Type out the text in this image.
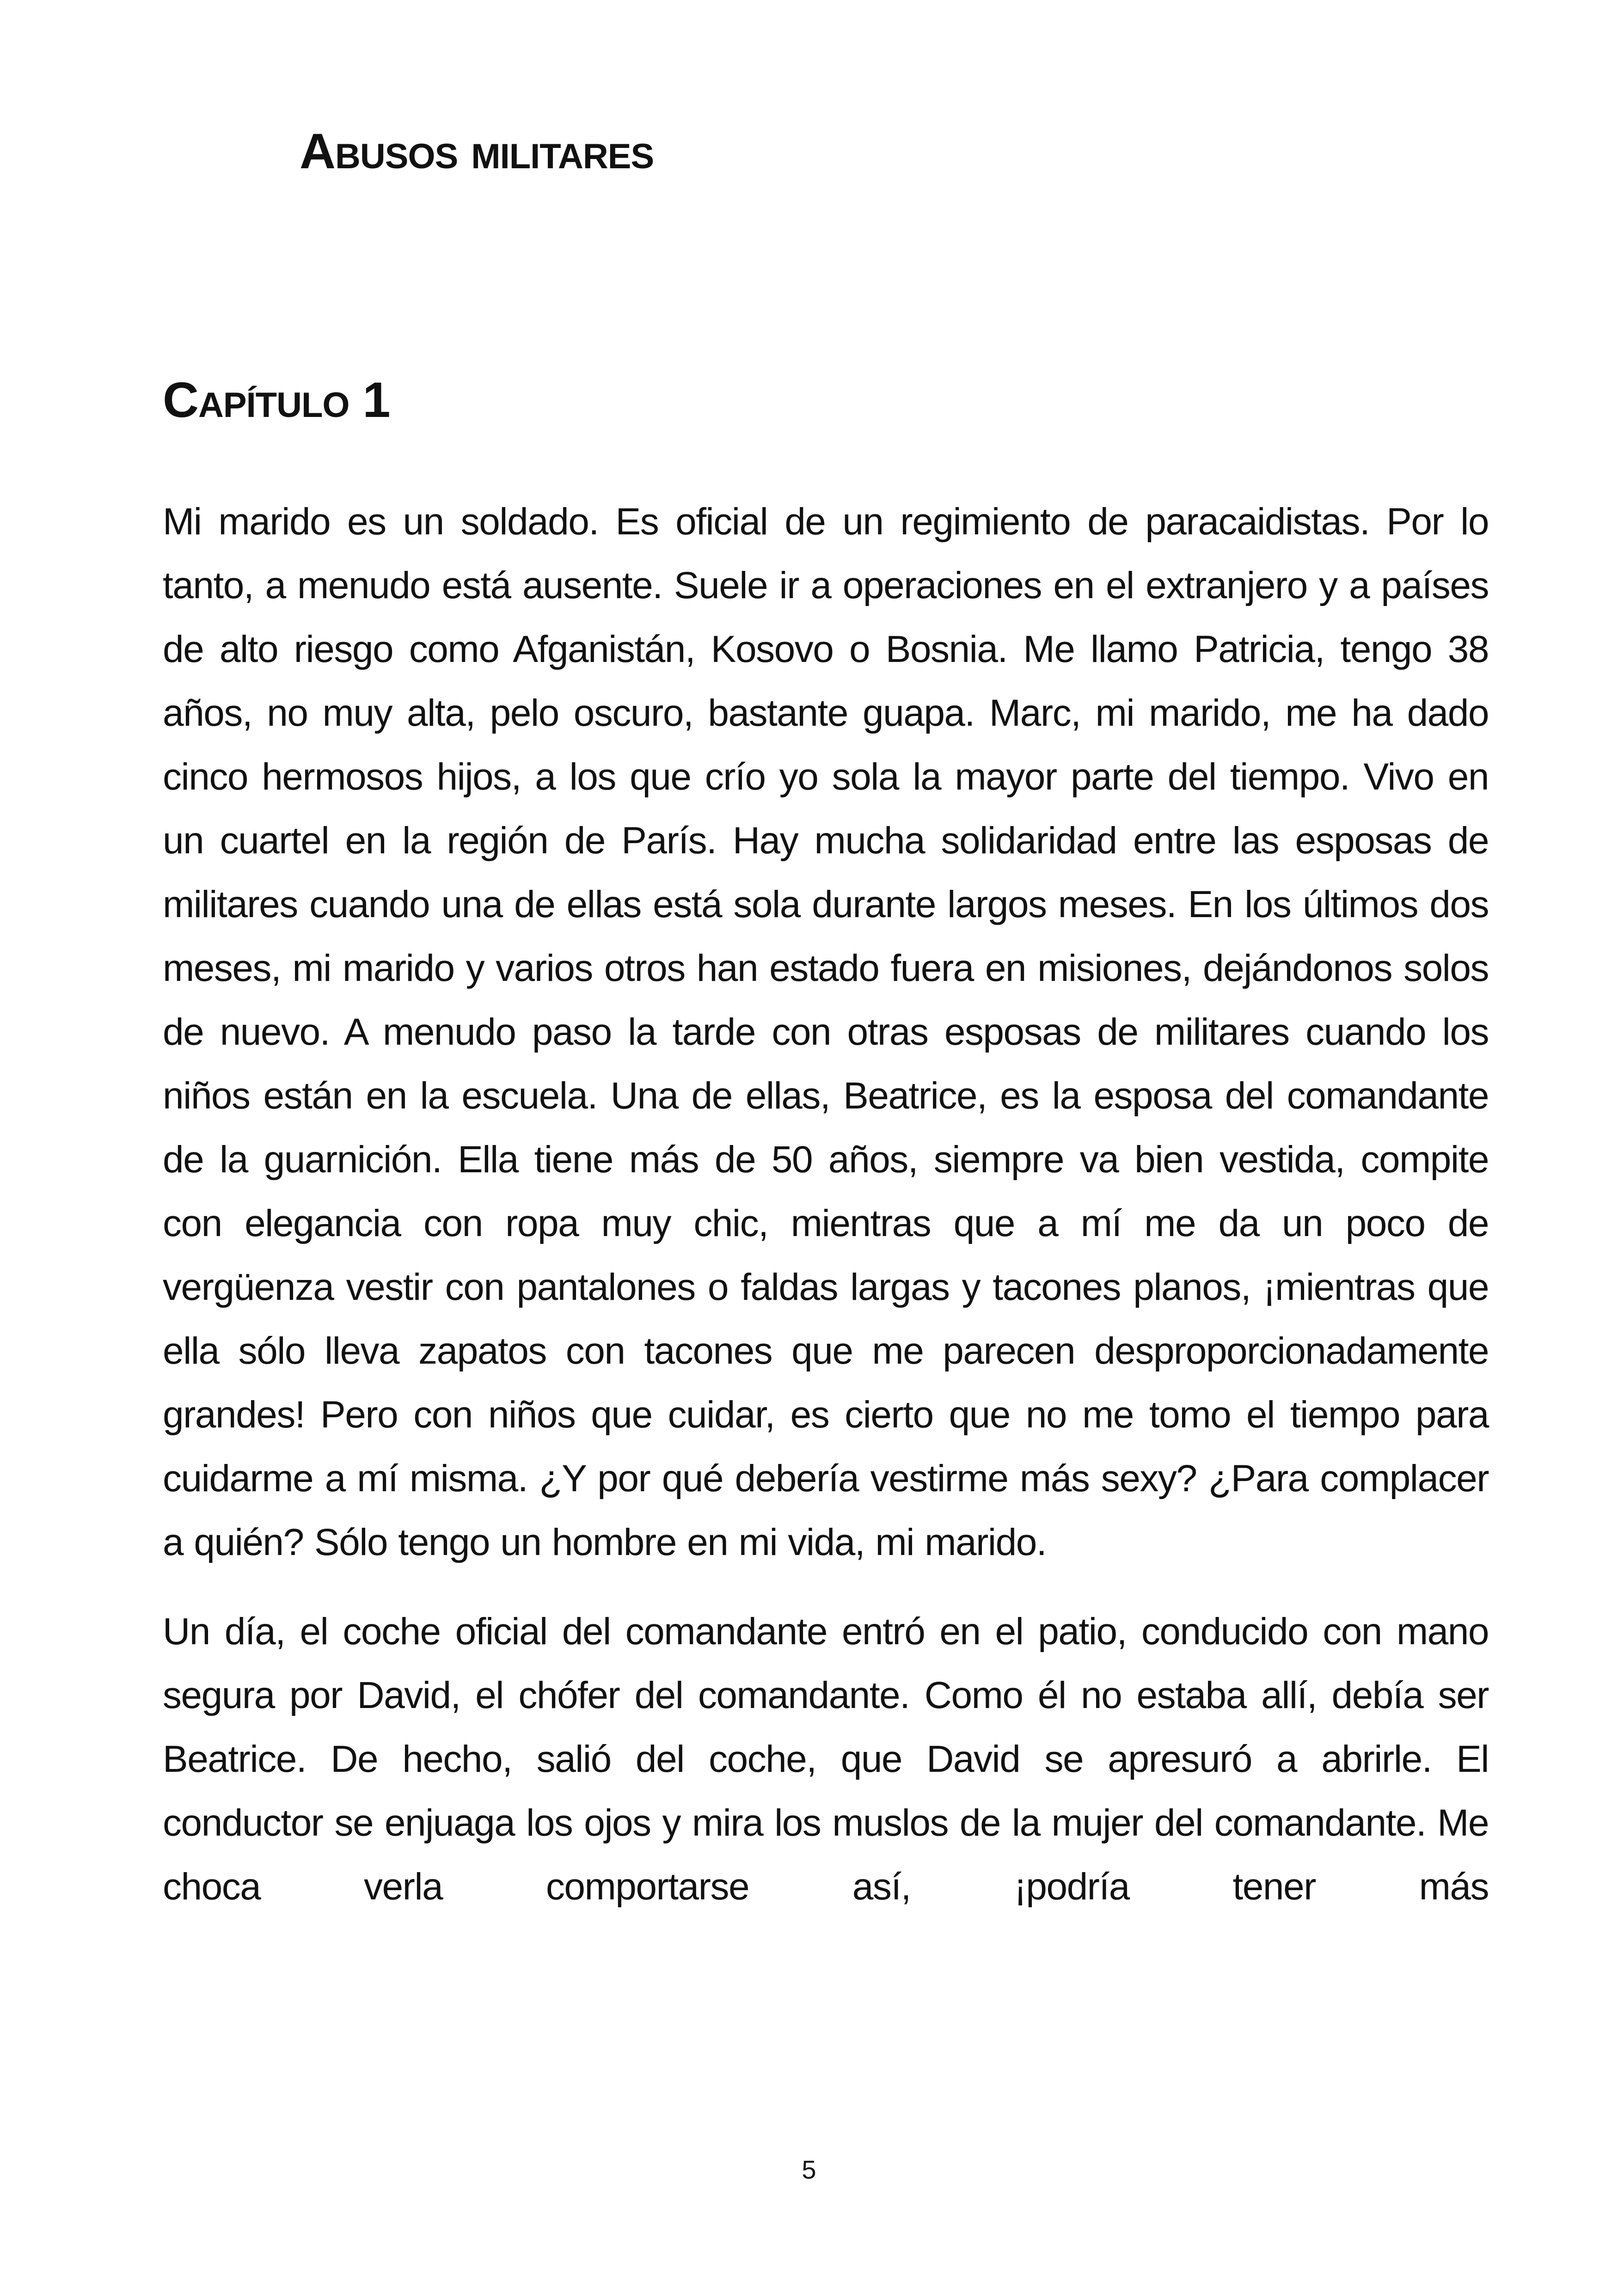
Abusos militares
Capítulo 1

Mi marido es un soldado. Es oficial de un regimiento de paracaidistas. Por lo tanto, a menudo está ausente. Suele ir a operaciones en el extranjero y a países de alto riesgo como Afganistán, Kosovo o Bosnia. Me llamo Patricia, tengo 38 años, no muy alta, pelo oscuro, bastante guapa. Marc, mi marido, me ha dado cinco hermosos hijos, a los que crío yo sola la mayor parte del tiempo. Vivo en un cuartel en la región de París. Hay mucha solidaridad entre las esposas de militares cuando una de ellas está sola durante largos meses. En los últimos dos meses, mi marido y varios otros han estado fuera en misiones, dejándonos solos de nuevo. A menudo paso la tarde con otras esposas de militares cuando los niños están en la escuela. Una de ellas, Beatrice, es la esposa del comandante de la guarnición. Ella tiene más de 50 años, siempre va bien vestida, compite con elegancia con ropa muy chic, mientras que a mí me da un poco de vergüenza vestir con pantalones o faldas largas y tacones planos, ¡mientras que ella sólo lleva zapatos con tacones que me parecen desproporcionadamente grandes! Pero con niños que cuidar, es cierto que no me tomo el tiempo para cuidarme a mí misma. ¿Y por qué debería vestirme más sexy? ¿Para complacer a quién? Sólo tengo un hombre en mi vida, mi marido.

Un día, el coche oficial del comandante entró en el patio, conducido con mano segura por David, el chófer del comandante. Como él no estaba allí, debía ser Beatrice. De hecho, salió del coche, que David se apresuró a abrirle. El conductor se enjuaga los ojos y mira los muslos de la mujer del comandante. Me choca verla comportarse así, ¡podría tener más

5
